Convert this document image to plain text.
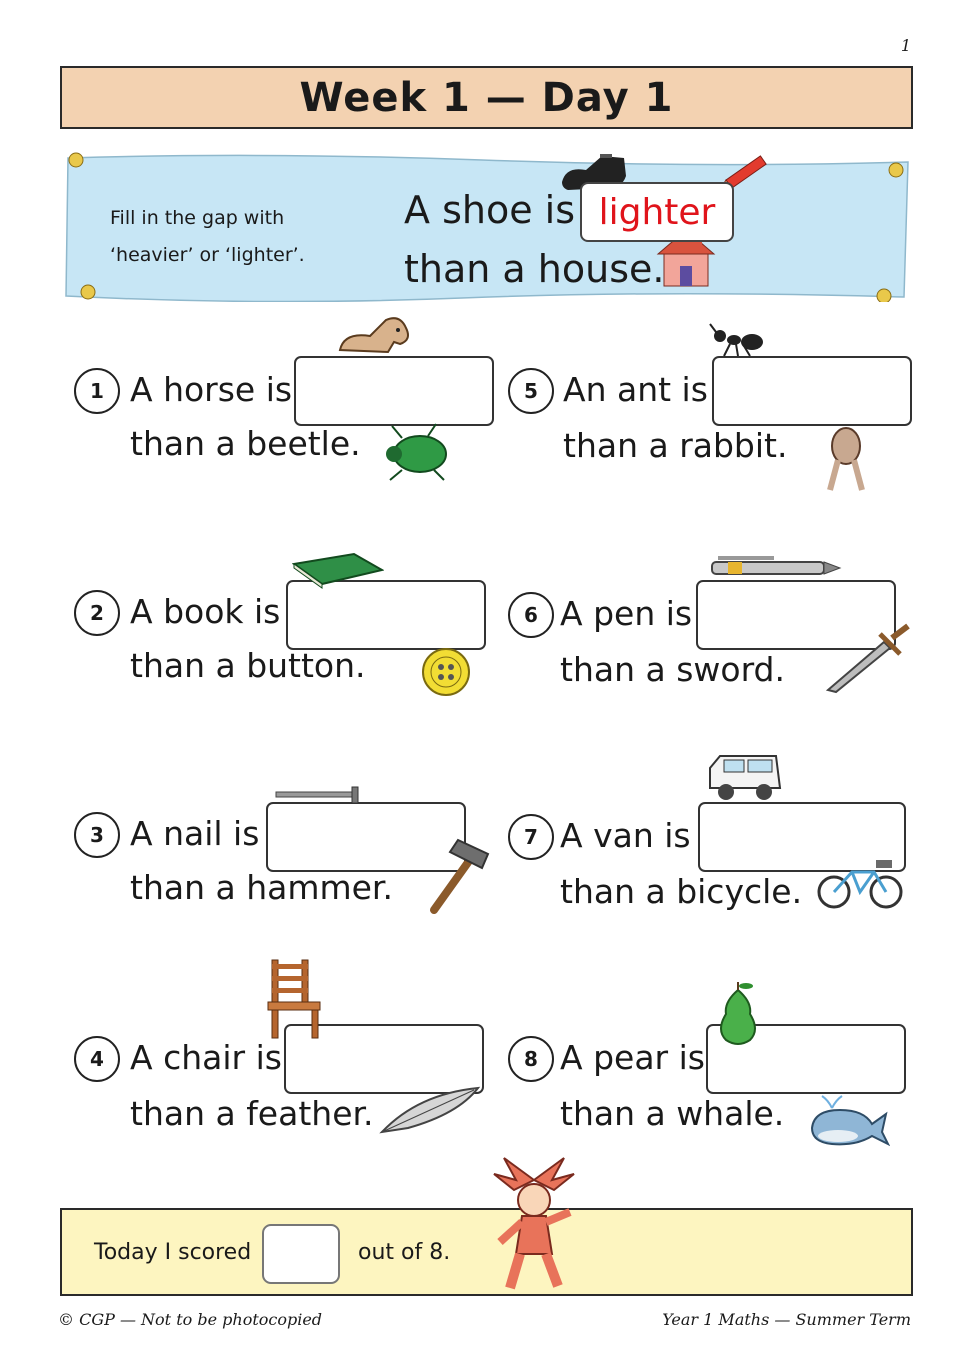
1
Week 1 — Day 1
Fill in the gap with ‘heavier’ or ‘lighter’.
A shoe is lighter
than a house.
1 A horse is
than a beetle.
2 A book is
than a button.
3 A nail is
than a hammer.
4 A chair is
than a feather.
5 An ant is
than a rabbit.
6 A pen is
than a sword.
7 A van is
than a bicycle.
8 A pear is
than a whale.
Today I scored	out of 8.
© CGP — Not to be photocopied	Year 1 Maths — Summer Term
